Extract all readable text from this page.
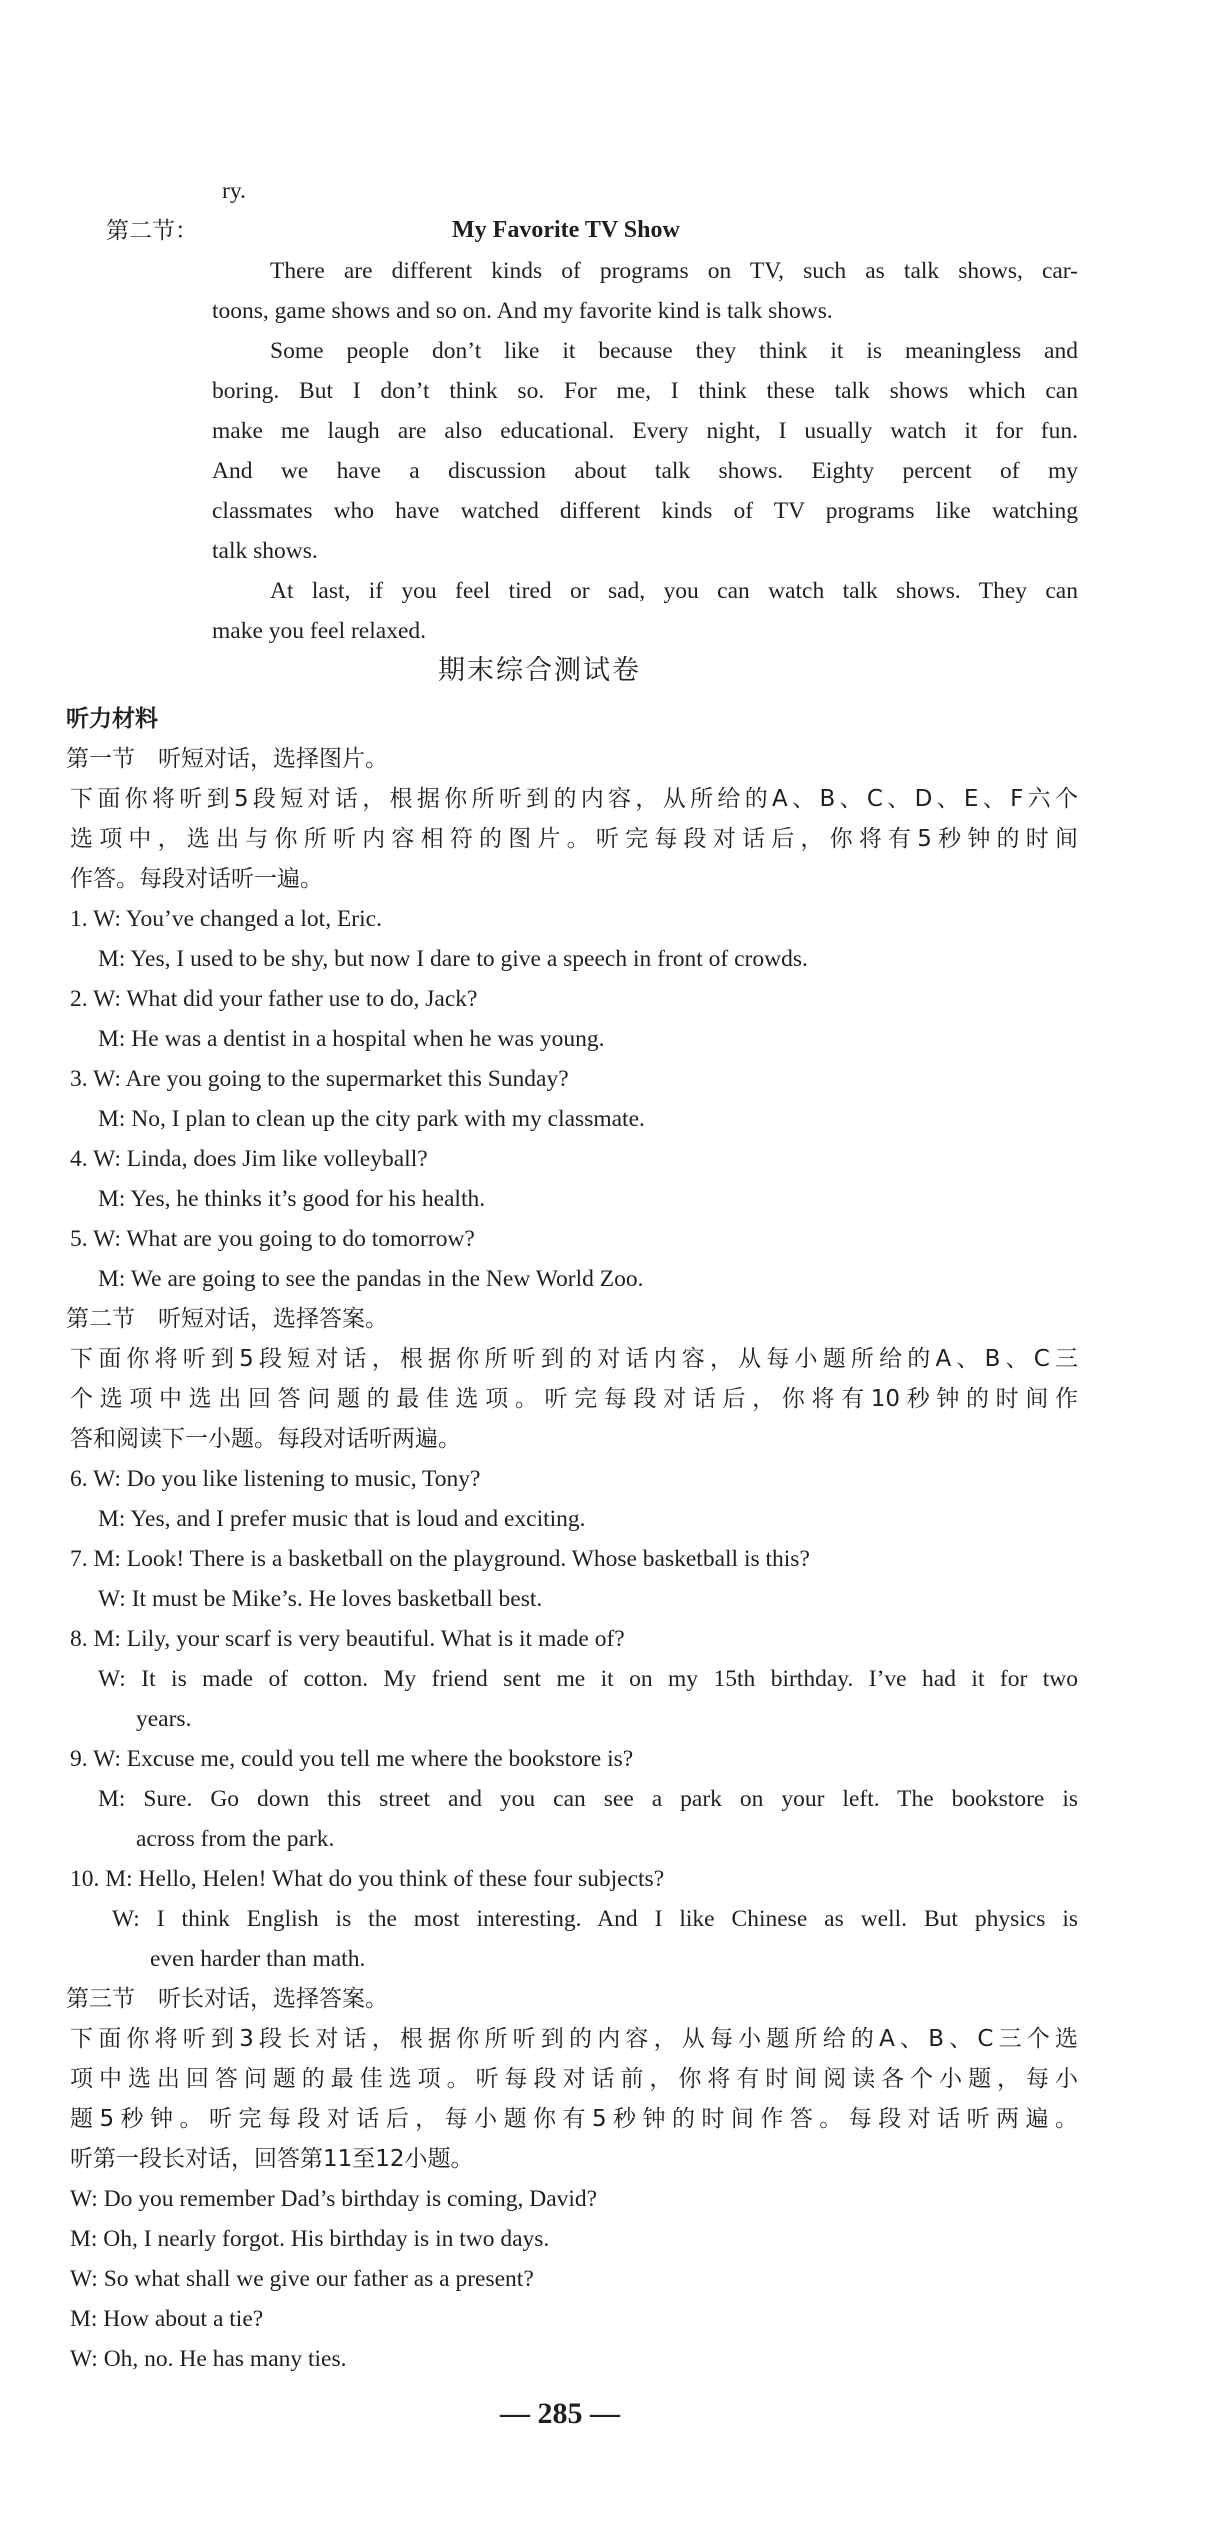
ry.
第二节：	My Favorite TV Show
There are different kinds of programs on TV, such as talk shows, car-
toons, game shows and so on. And my favorite kind is talk shows.
Some people don’t like it because they think it is meaningless and
boring. But I don’t think so. For me, I think these talk shows which can
make me laugh are also educational. Every night, I usually watch it for fun.
And we have a discussion about talk shows. Eighty percent of my
classmates who have watched different kinds of TV programs like watching
talk shows.
At last, if you feel tired or sad, you can watch talk shows. They can
make you feel relaxed.
期末综合测试卷
听力材料
第一节　听短对话，选择图片。
下面你将听到5段短对话，根据你所听到的内容，从所给的A、B、C、D、E、F六个
选项中，选出与你所听内容相符的图片。听完每段对话后，你将有5秒钟的时间
作答。每段对话听一遍。
1. W: You’ve changed a lot, Eric.
M: Yes, I used to be shy, but now I dare to give a speech in front of crowds.
2. W: What did your father use to do, Jack?
M: He was a dentist in a hospital when he was young.
3. W: Are you going to the supermarket this Sunday?
M: No, I plan to clean up the city park with my classmate.
4. W: Linda, does Jim like volleyball?
M: Yes, he thinks it’s good for his health.
5. W: What are you going to do tomorrow?
M: We are going to see the pandas in the New World Zoo.
第二节　听短对话，选择答案。
下面你将听到5段短对话，根据你所听到的对话内容，从每小题所给的A、B、C三
个选项中选出回答问题的最佳选项。听完每段对话后，你将有10秒钟的时间作
答和阅读下一小题。每段对话听两遍。
6. W: Do you like listening to music, Tony?
M: Yes, and I prefer music that is loud and exciting.
7. M: Look! There is a basketball on the playground. Whose basketball is this?
W: It must be Mike’s. He loves basketball best.
8. M: Lily, your scarf is very beautiful. What is it made of?
W: It is made of cotton. My friend sent me it on my 15th birthday. I’ve had it for two
years.
9. W: Excuse me, could you tell me where the bookstore is?
M: Sure. Go down this street and you can see a park on your left. The bookstore is
across from the park.
10. M: Hello, Helen! What do you think of these four subjects?
W: I think English is the most interesting. And I like Chinese as well. But physics is
even harder than math.
第三节　听长对话，选择答案。
下面你将听到3段长对话，根据你所听到的内容，从每小题所给的A、B、C三个选
项中选出回答问题的最佳选项。听每段对话前，你将有时间阅读各个小题，每小
题5秒钟。听完每段对话后，每小题你有5秒钟的时间作答。每段对话听两遍。
听第一段长对话，回答第11至12小题。
W: Do you remember Dad’s birthday is coming, David?
M: Oh, I nearly forgot. His birthday is in two days.
W: So what shall we give our father as a present?
M: How about a tie?
W: Oh, no. He has many ties.
— 285 —
